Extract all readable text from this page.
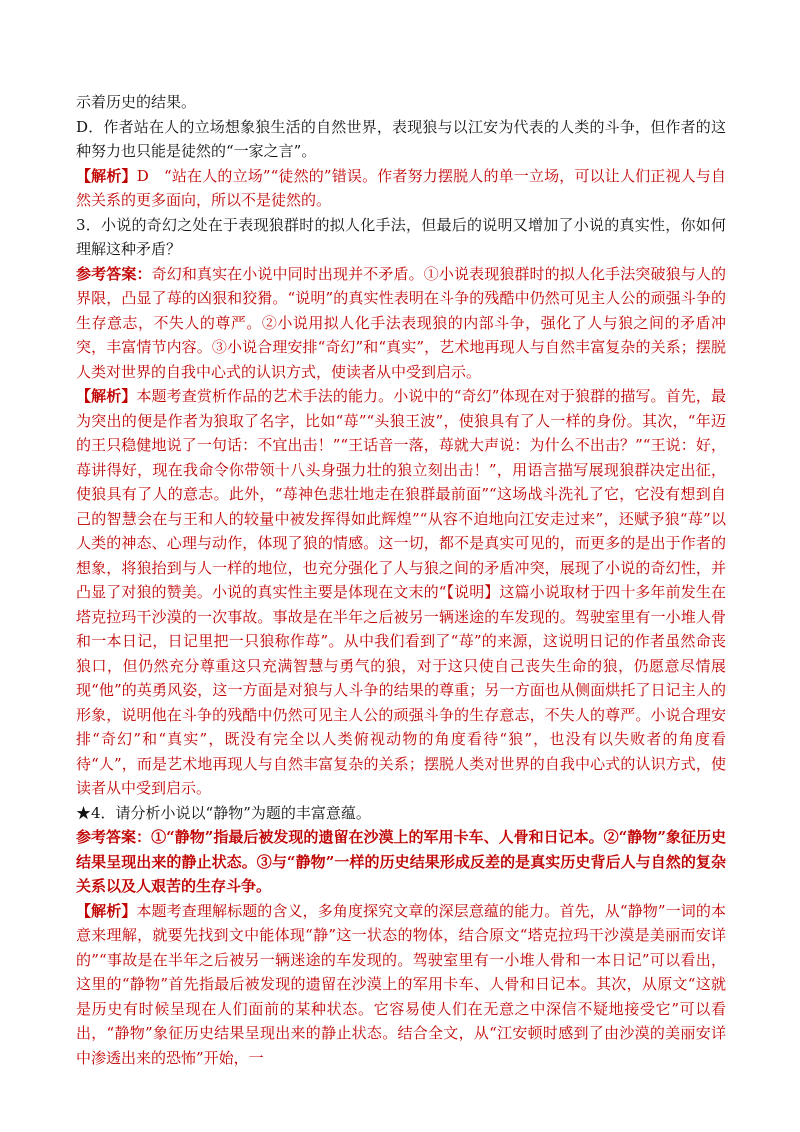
示着历史的结果。

D．作者站在人的立场想象狼生活的自然世界，表现狼与以江安为代表的人类的斗争，但作者的这种努力也只能是徒然的“一家之言”。

【解析】D　“站在人的立场”“徒然的”错误。作者努力摆脱人的单一立场，可以让人们正视人与自然关系的更多面向，所以不是徒然的。

3．小说的奇幻之处在于表现狼群时的拟人化手法，但最后的说明又增加了小说的真实性，你如何理解这种矛盾？

参考答案：奇幻和真实在小说中同时出现并不矛盾。①小说表现狼群时的拟人化手法突破狼与人的界限，凸显了苺的凶狠和狡猾。“说明”的真实性表明在斗争的残酷中仍然可见主人公的顽强斗争的生存意志，不失人的尊严。②小说用拟人化手法表现狼的内部斗争，强化了人与狼之间的矛盾冲突，丰富情节内容。③小说合理安排“奇幻”和“真实”，艺术地再现人与自然丰富复杂的关系；摆脱人类对世界的自我中心式的认识方式，使读者从中受到启示。

【解析】本题考查赏析作品的艺术手法的能力。小说中的“奇幻”体现在对于狼群的描写。首先，最为突出的便是作者为狼取了名字，比如“苺”“头狼王波”，使狼具有了人一样的身份。其次，“年迈的王只稳健地说了一句话：不宜出击！”“王话音一落，苺就大声说：为什么不出击？”“王说：好，苺讲得好，现在我命令你带领十八头身强力壮的狼立刻出击！”，用语言描写展现狼群决定出征，使狼具有了人的意志。此外，“苺神色悲壮地走在狼群最前面”“这场战斗洗礼了它，它没有想到自己的智慧会在与王和人的较量中被发挥得如此辉煌”“从容不迫地向江安走过来”，还赋予狼“苺”以人类的神态、心理与动作，体现了狼的情感。这一切，都不是真实可见的，而更多的是出于作者的想象，将狼抬到与人一样的地位，也充分强化了人与狼之间的矛盾冲突，展现了小说的奇幻性，并凸显了对狼的赞美。小说的真实性主要是体现在文末的“【说明】这篇小说取材于四十多年前发生在塔克拉玛干沙漠的一次事故。事故是在半年之后被另一辆迷途的车发现的。驾驶室里有一小堆人骨和一本日记，日记里把一只狼称作苺”。从中我们看到了“苺”的来源，这说明日记的作者虽然命丧狼口，但仍然充分尊重这只充满智慧与勇气的狼，对于这只使自己丧失生命的狼，仍愿意尽情展现“他”的英勇风姿，这一方面是对狼与人斗争的结果的尊重；另一方面也从侧面烘托了日记主人的形象，说明他在斗争的残酷中仍然可见主人公的顽强斗争的生存意志，不失人的尊严。小说合理安排“奇幻”和“真实”，既没有完全以人类俯视动物的角度看待“狼”，也没有以失败者的角度看待“人”，而是艺术地再现人与自然丰富复杂的关系；摆脱人类对世界的自我中心式的认识方式，使读者从中受到启示。

★4．请分析小说以“静物”为题的丰富意蕴。

参考答案：①“静物”指最后被发现的遗留在沙漠上的军用卡车、人骨和日记本。②“静物”象征历史结果呈现出来的静止状态。③与“静物”一样的历史结果形成反差的是真实历史背后人与自然的复杂关系以及人艰苦的生存斗争。

【解析】本题考查理解标题的含义，多角度探究文章的深层意蕴的能力。首先，从“静物”一词的本意来理解，就要先找到文中能体现“静”这一状态的物体，结合原文“塔克拉玛干沙漠是美丽而安详的”“事故是在半年之后被另一辆迷途的车发现的。驾驶室里有一小堆人骨和一本日记”可以看出，这里的“静物”首先指最后被发现的遗留在沙漠上的军用卡车、人骨和日记本。其次，从原文“这就是历史有时候呈现在人们面前的某种状态。它容易使人们在无意之中深信不疑地接受它”可以看出，“静物”象征历史结果呈现出来的静止状态。结合全文，从“江安顿时感到了由沙漠的美丽安详中渗透出来的恐怖”开始，一
